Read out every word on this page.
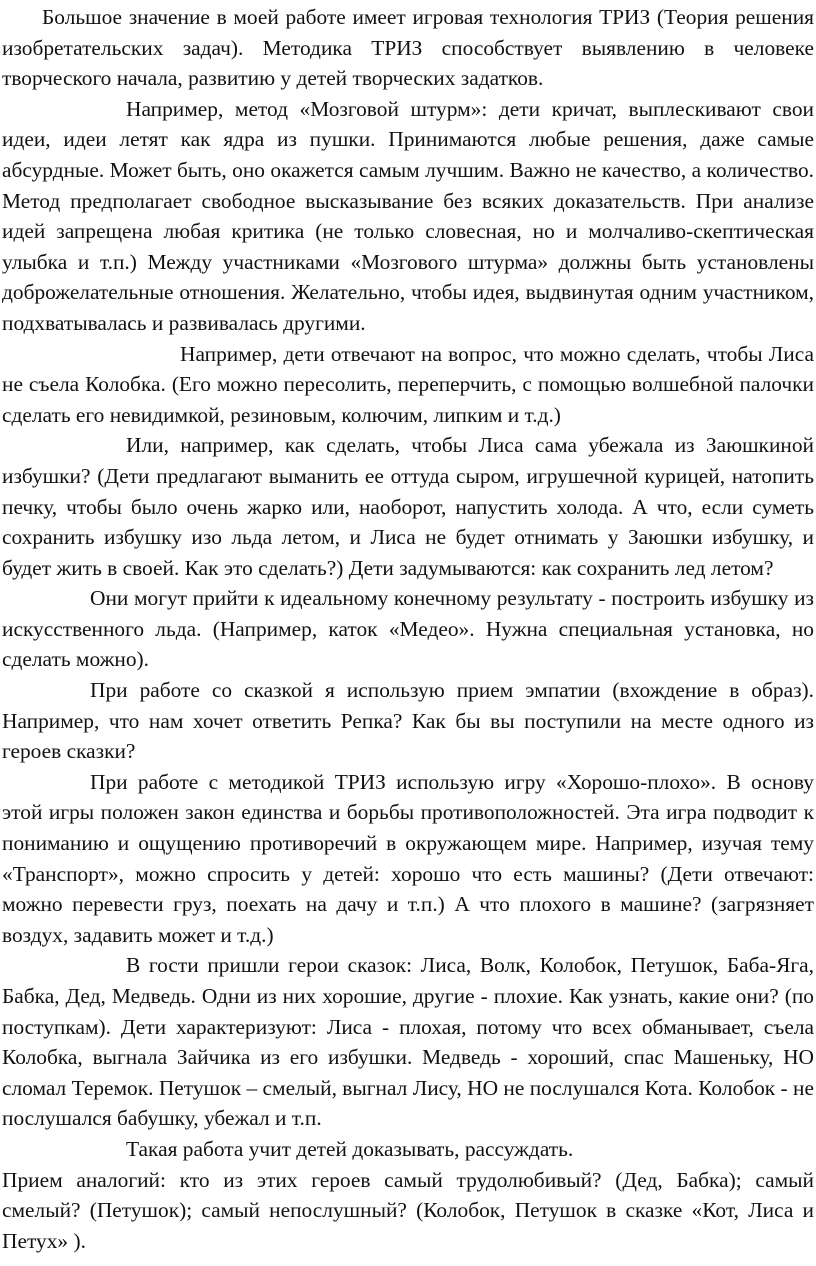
Большое значение в моей работе имеет игровая технология ТРИЗ (Теория решения изобретательских задач). Методика ТРИЗ способствует выявлению в человеке творческого начала, развитию у детей творческих задатков.

Например, метод «Мозговой штурм»: дети кричат, выплескивают свои идеи, идеи летят как ядра из пушки. Принимаются любые решения, даже самые абсурдные. Может быть, оно окажется самым лучшим. Важно не качество, а количество. Метод предполагает свободное высказывание без всяких доказательств. При анализе идей запрещена любая критика (не только словесная, но и молчаливо-скептическая улыбка и т.п.) Между участниками «Мозгового штурма» должны быть установлены доброжелательные отношения. Желательно, чтобы идея, выдвинутая одним участником, подхватывалась и развивалась другими.

Например, дети отвечают на вопрос, что можно сделать, чтобы Лиса не съела Колобка. (Его можно пересолить, переперчить, с помощью волшебной палочки сделать его невидимкой, резиновым, колючим, липким и т.д.)

Или, например, как сделать, чтобы Лиса сама убежала из Заюшкиной избушки? (Дети предлагают выманить ее оттуда сыром, игрушечной курицей, натопить печку, чтобы было очень жарко или, наоборот, напустить холода. А что, если суметь сохранить избушку изо льда летом, и Лиса не будет отнимать у Заюшки избушку, и будет жить в своей. Как это сделать?) Дети задумываются: как сохранить лед летом?

Они могут прийти к идеальному конечному результату - построить избушку из искусственного льда. (Например, каток «Медео». Нужна специальная установка, но сделать можно).

При работе со сказкой я использую прием эмпатии (вхождение в образ). Например, что нам хочет ответить Репка? Как бы вы поступили на месте одного из героев сказки?

При работе с методикой ТРИЗ использую игру «Хорошо-плохо». В основу этой игры положен закон единства и борьбы противоположностей. Эта игра подводит к пониманию и ощущению противоречий в окружающем мире. Например, изучая тему «Транспорт», можно спросить у детей: хорошо что есть машины? (Дети отвечают: можно перевести груз, поехать на дачу и т.п.) А что плохого в машине? (загрязняет воздух, задавить может и т.д.)

В гости пришли герои сказок: Лиса, Волк, Колобок, Петушок, Баба-Яга, Бабка, Дед, Медведь. Одни из них хорошие, другие - плохие. Как узнать, какие они? (по поступкам). Дети характеризуют: Лиса - плохая, потому что всех обманывает, съела Колобка, выгнала Зайчика из его избушки. Медведь - хороший, спас Машеньку, НО сломал Теремок. Петушок – смелый, выгнал Лису, НО не послушался Кота. Колобок - не послушался бабушку, убежал и т.п.

Такая работа учит детей доказывать, рассуждать.

Прием аналогий: кто из этих героев самый трудолюбивый? (Дед, Бабка); самый смелый? (Петушок); самый непослушный? (Колобок, Петушок в сказке «Кот, Лиса и Петух» ).
